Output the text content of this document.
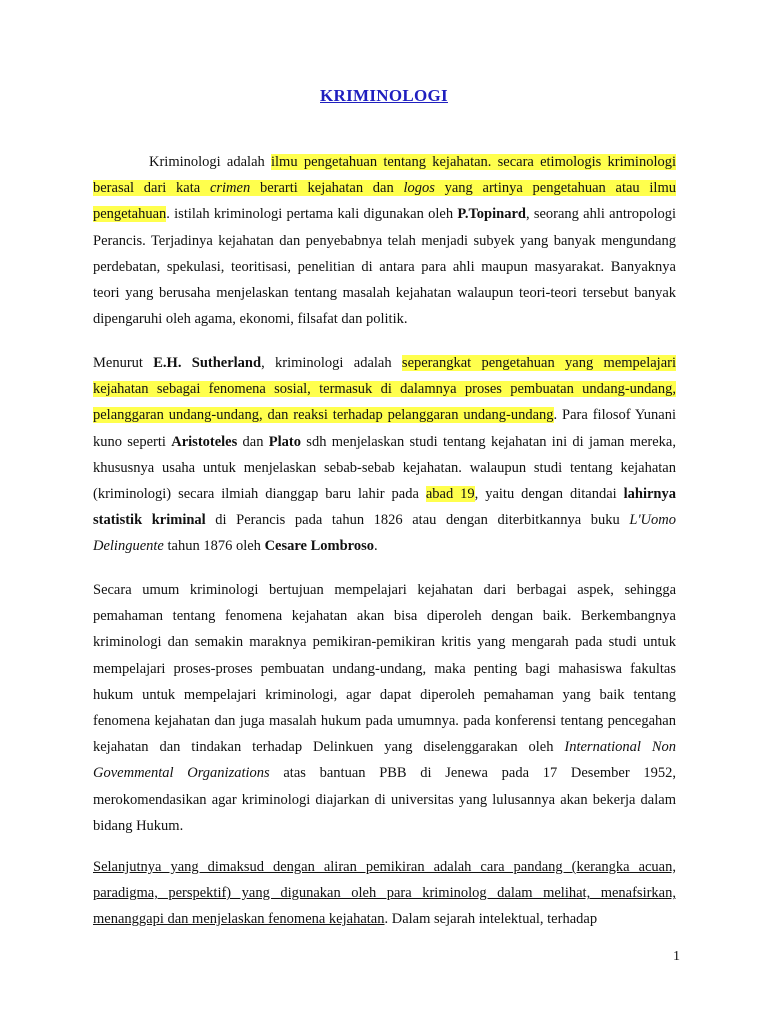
KRIMINOLOGI

Kriminologi adalah ilmu pengetahuan tentang kejahatan. secara etimologis kriminologi berasal dari kata crimen berarti kejahatan dan logos yang artinya pengetahuan atau ilmu pengetahuan. istilah kriminologi pertama kali digunakan oleh P.Topinard, seorang ahli antropologi Perancis. Terjadinya kejahatan dan penyebabnya telah menjadi subyek yang banyak mengundang perdebatan, spekulasi, teoritisasi, penelitian di antara para ahli maupun masyarakat. Banyaknya teori yang berusaha menjelaskan tentang masalah kejahatan walaupun teori-teori tersebut banyak dipengaruhi oleh agama, ekonomi, filsafat dan politik.

Menurut E.H. Sutherland, kriminologi adalah seperangkat pengetahuan yang mempelajari kejahatan sebagai fenomena sosial, termasuk di dalamnya proses pembuatan undang-undang, pelanggaran undang-undang, dan reaksi terhadap pelanggaran undang-undang. Para filosof Yunani kuno seperti Aristoteles dan Plato sdh menjelaskan studi tentang kejahatan ini di jaman mereka, khususnya usaha untuk menjelaskan sebab-sebab kejahatan. walaupun studi tentang kejahatan (kriminologi) secara ilmiah dianggap baru lahir pada abad 19, yaitu dengan ditandai lahirnya statistik kriminal di Perancis pada tahun 1826 atau dengan diterbitkannya buku L'Uomo Delinguente tahun 1876 oleh Cesare Lombroso.

Secara umum kriminologi bertujuan mempelajari kejahatan dari berbagai aspek, sehingga pemahaman tentang fenomena kejahatan akan bisa diperoleh dengan baik. Berkembangnya kriminologi dan semakin maraknya pemikiran-pemikiran kritis yang mengarah pada studi untuk mempelajari proses-proses pembuatan undang-undang, maka penting bagi mahasiswa fakultas hukum untuk mempelajari kriminologi, agar dapat diperoleh pemahaman yang baik tentang fenomena kejahatan dan juga masalah hukum pada umumnya. pada konferensi tentang pencegahan kejahatan dan tindakan terhadap Delinkuen yang diselenggarakan oleh International Non Govemmental Organizations atas bantuan PBB di Jenewa pada 17 Desember 1952, merokomendasikan agar kriminologi diajarkan di universitas yang lulusannya akan bekerja dalam bidang Hukum.

Selanjutnya yang dimaksud dengan aliran pemikiran adalah cara pandang (kerangka acuan, paradigma, perspektif) yang digunakan oleh para kriminolog dalam melihat, menafsirkan, menanggapi dan menjelaskan fenomena kejahatan. Dalam sejarah intelektual, terhadap

1
